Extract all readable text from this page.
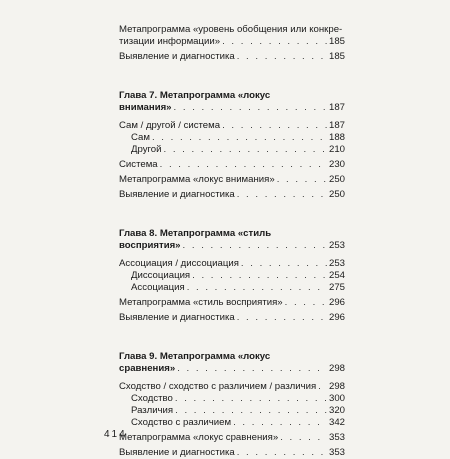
Метапрограмма «уровень обобщения или конкре-
тизации информации» . . .	185
Выявление и диагностика . . .	185
Глава 7. Метапрограмма «локус
внимания» . . .	187
Сам / другой / система . . .	187
Сам . . .	188
Другой . . .	210
Система . . .	230
Метапрограмма «локус внимания» . . .	250
Выявление и диагностика . . .	250
Глава 8. Метапрограмма «стиль
восприятия» . . .	253
Ассоциация / диссоциация . . .	253
Диссоциация . . .	254
Ассоциация . . .	275
Метапрограмма «стиль восприятия» . . .	296
Выявление и диагностика . . .	296
Глава 9. Метапрограмма «локус
сравнения» . . .	298
Сходство / сходство с различием / различия . . . 298
Сходство . . .	300
Различия . . .	320
Сходство с различием . . .	342
Метапрограмма «локус сравнения» . . .	353
Выявление и диагностика . . .	353
414
